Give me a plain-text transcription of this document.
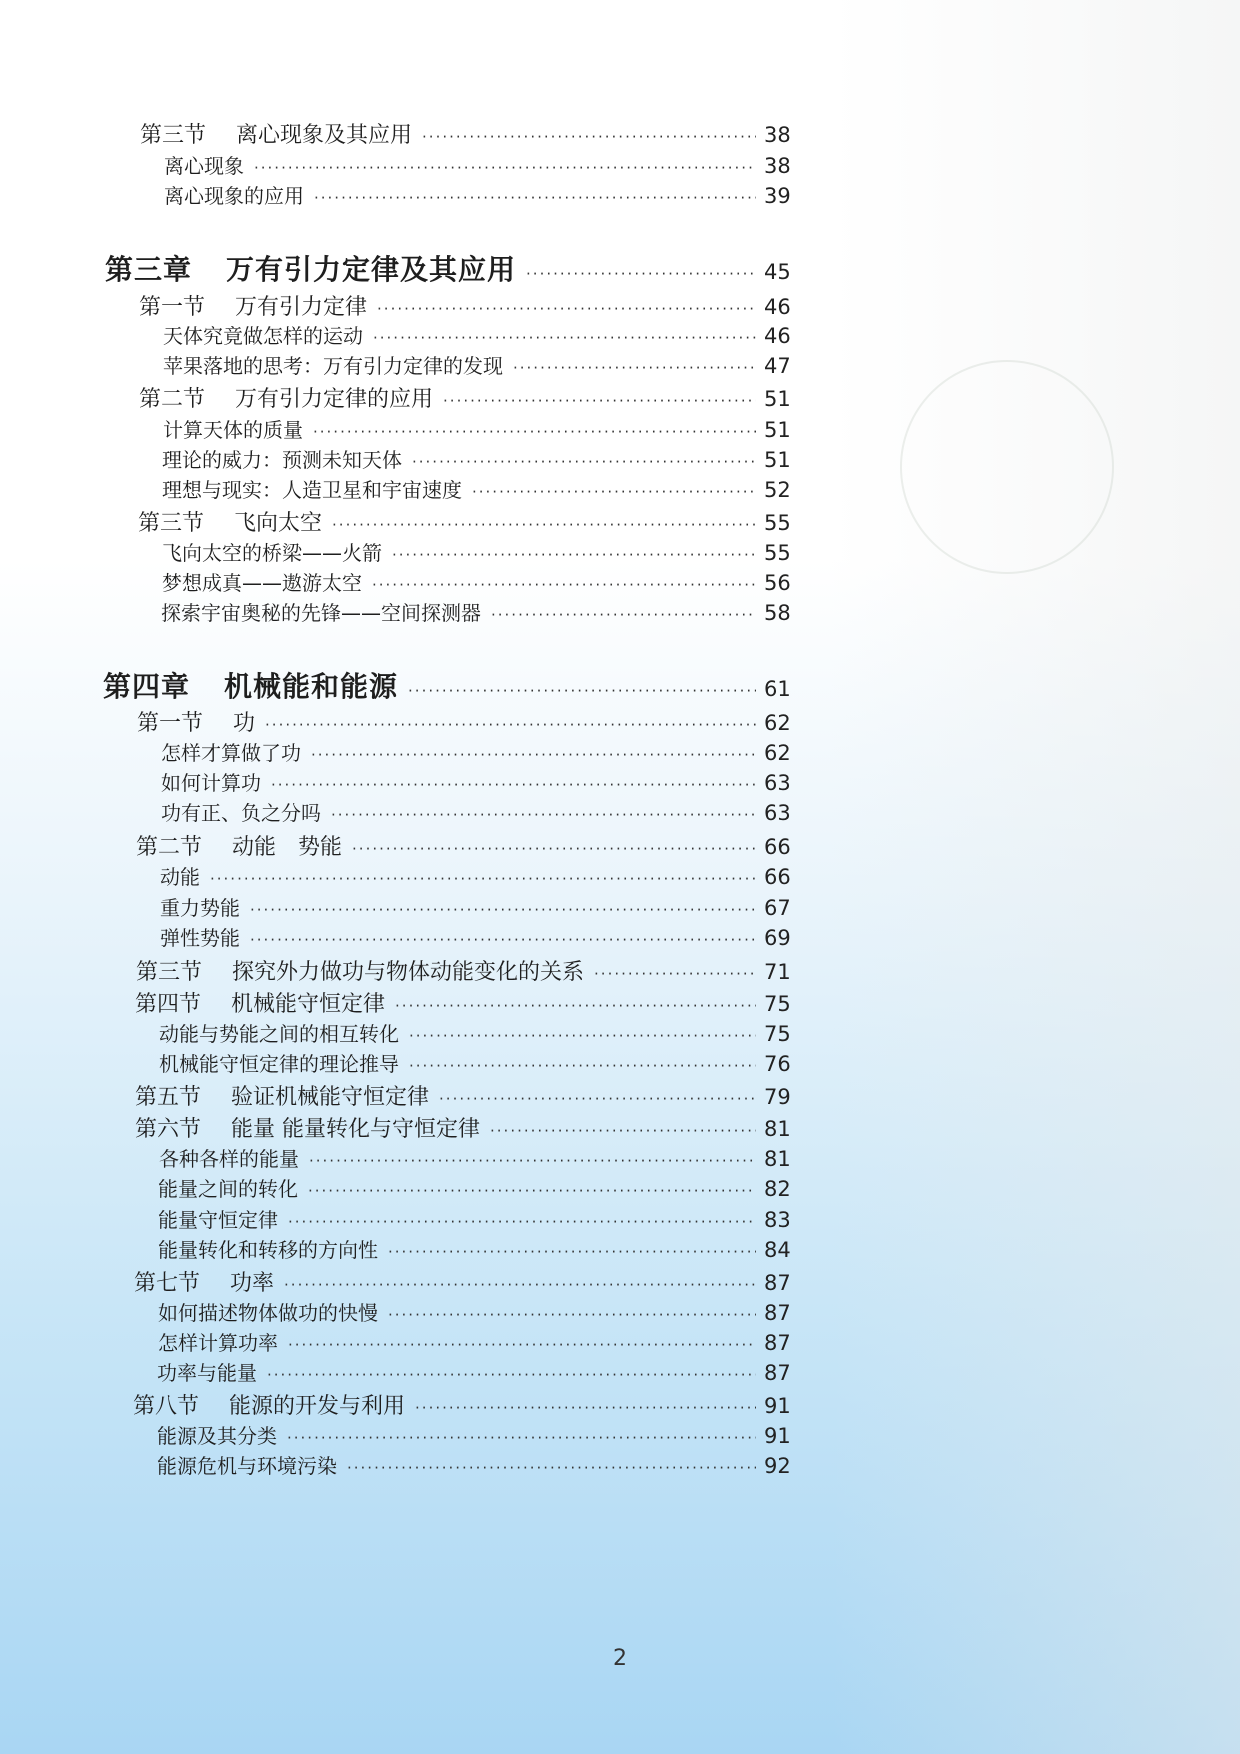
第三节 离心现象及其应用 ·····	38
离心现象 ·····	38
离心现象的应用 ·····	39
第三章 万有引力定律及其应用 ·····	45
第一节 万有引力定律 ·····	46
天体究竟做怎样的运动 ·····	46
苹果落地的思考：万有引力定律的发现 ·····	47
第二节 万有引力定律的应用 ·····	51
计算天体的质量 ·····	51
理论的威力：预测未知天体 ·····	51
理想与现实：人造卫星和宇宙速度 ·····	52
第三节 飞向太空 ·····	55
飞向太空的桥梁——火箭 ·····	55
梦想成真——遨游太空 ·····	56
探索宇宙奥秘的先锋——空间探测器 ·····	58
第四章 机械能和能源 ·····	61
第一节 功 ·····	62
怎样才算做了功 ·····	62
如何计算功 ·····	63
功有正、负之分吗 ·····	63
第二节 动能　势能 ·····	66
动能 ·····	66
重力势能 ·····	67
弹性势能 ·····	69
第三节 探究外力做功与物体动能变化的关系 ·····	71
第四节 机械能守恒定律 ·····	75
动能与势能之间的相互转化 ·····	75
机械能守恒定律的理论推导 ·····	76
第五节 验证机械能守恒定律 ·····	79
第六节 能量 能量转化与守恒定律 ·····	81
各种各样的能量 ·····	81
能量之间的转化 ·····	82
能量守恒定律 ·····	83
能量转化和转移的方向性 ·····	84
第七节 功率 ·····	87
如何描述物体做功的快慢 ·····	87
怎样计算功率 ·····	87
功率与能量 ·····	87
第八节 能源的开发与利用 ·····	91
能源及其分类 ·····	91
能源危机与环境污染 ·····	92
2
